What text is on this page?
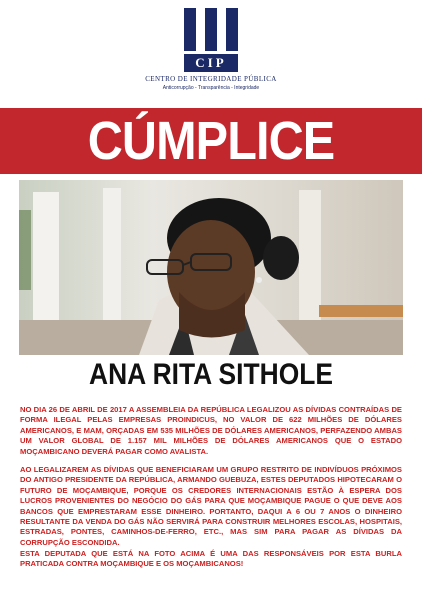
CIP
CENTRO DE INTEGRIDADE PÚBLICA
Anticorrupção - Transparência - Integridade
CÚMPLICE
ANA RITA SITHOLE
NO DIA 26 DE ABRIL DE 2017 A ASSEMBLEIA DA REPÚBLICA LEGALIZOU AS DÍVIDAS CONTRAÍDAS DE FORMA ILEGAL PELAS EMPRESAS PROINDICUS, NO VALOR DE 622 MILHÕES DE DÓLARES AMERICANOS, E MAM, ORÇADAS EM 535 MILHÕES DE DÓLARES AMERICANOS, PERFAZENDO AMBAS UM VALOR GLOBAL DE 1.157 MIL MILHÕES DE DÓLARES AMERICANOS QUE O ESTADO MOÇAMBICANO DEVERÁ PAGAR COMO AVALISTA.
AO LEGALIZAREM AS DÍVIDAS QUE BENEFICIARAM UM GRUPO RESTRITO DE INDIVÍDUOS PRÓXIMOS DO ANTIGO PRESIDENTE DA REPÚBLICA, ARMANDO GUEBUZA, ESTES DEPUTADOS HIPOTECARAM O FUTURO DE MOÇAMBIQUE, PORQUE OS CREDORES INTERNACIONAIS ESTÃO À ESPERA DOS LUCROS PROVENIENTES DO NEGÓCIO DO GÁS PARA QUE MOÇAMBIQUE PAGUE O QUE DEVE AOS BANCOS QUE EMPRESTARAM ESSE DINHEIRO. PORTANTO, DAQUI A 6 OU 7 ANOS O DINHEIRO RESULTANTE DA VENDA DO GÁS NÃO SERVIRÁ PARA CONSTRUIR MELHORES ESCOLAS, HOSPITAIS, ESTRADAS, PONTES, CAMINHOS-DE-FERRO, ETC., MAS SIM PARA PAGAR AS DÍVIDAS DA CORRUPÇÃO ESCONDIDA.
ESTA DEPUTADA QUE ESTÁ NA FOTO ACIMA É UMA DAS RESPONSÁVEIS POR ESTA BURLA PRATICADA CONTRA MOÇAMBIQUE E OS MOÇAMBICANOS!
